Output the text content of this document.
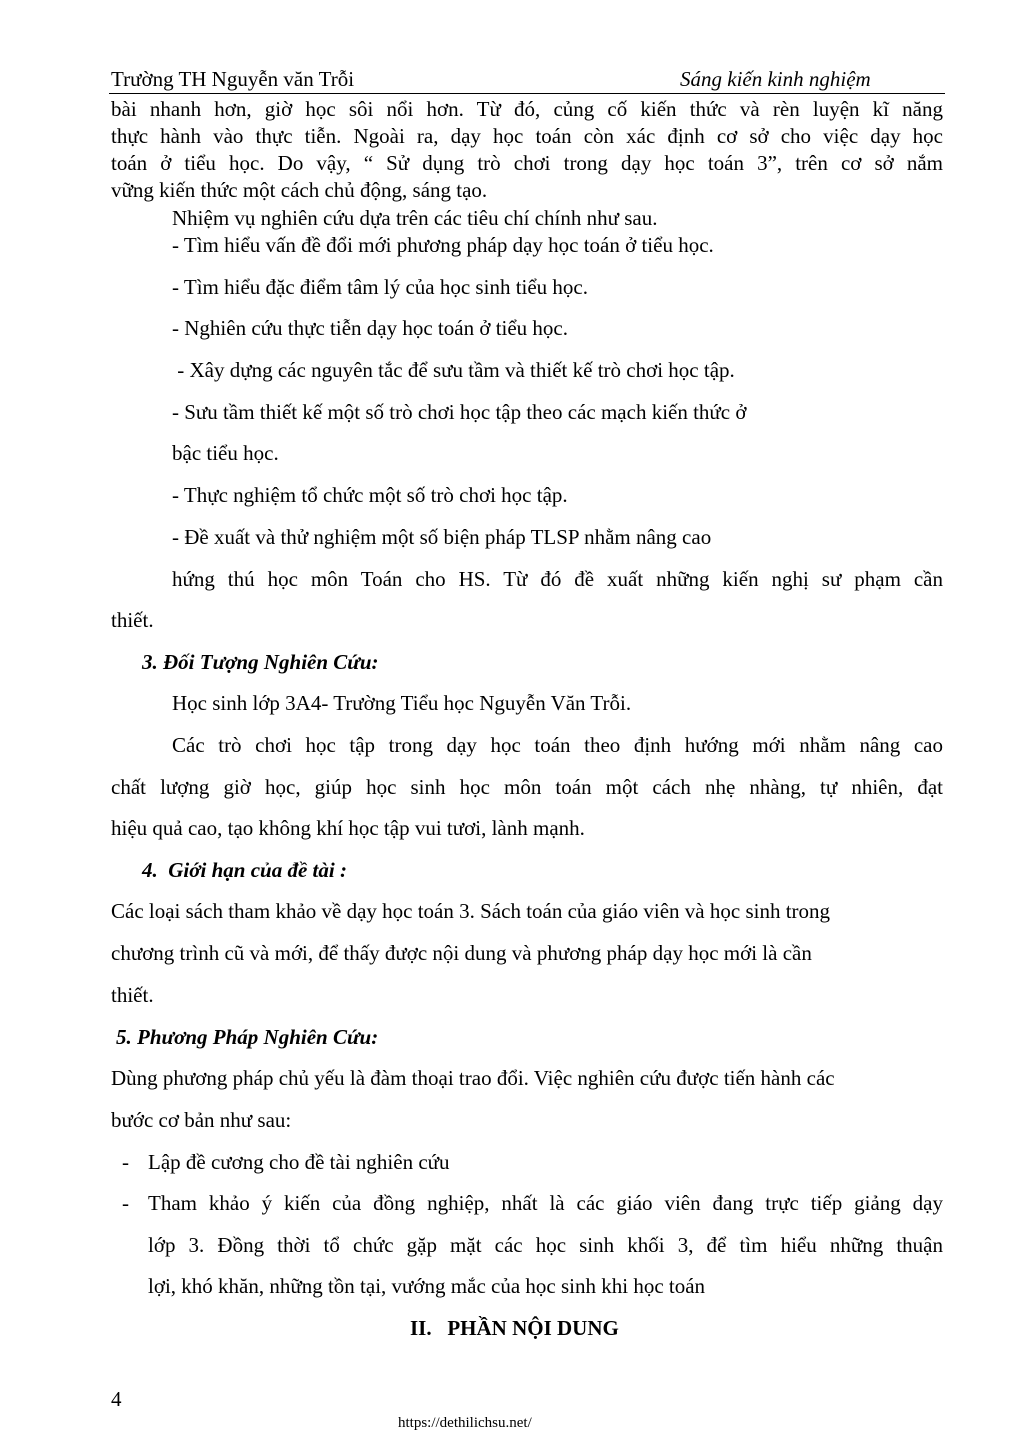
Trường TH Nguyễn văn Trỗi	Sáng kiến kinh nghiệm
bài nhanh hơn, giờ học sôi nổi hơn. Từ đó, củng cố kiến thức và rèn luyện kĩ năng
thực hành vào thực tiễn. Ngoài ra, dạy học toán còn xác định cơ sở cho việc dạy học
toán ở tiểu học. Do vậy, “ Sử dụng trò chơi trong dạy học toán 3”, trên cơ sở nắm
vững kiến thức một cách chủ động, sáng tạo.
Nhiệm vụ nghiên cứu dựa trên các tiêu chí chính như sau.
- Tìm hiểu vấn đề đổi mới phương pháp dạy học toán ở tiểu học.
- Tìm hiểu đặc điểm tâm lý của học sinh tiểu học.
- Nghiên cứu thực tiễn dạy học toán ở tiểu học.
- Xây dựng các nguyên tắc để sưu tầm và thiết kế trò chơi học tập.
- Sưu tầm thiết kế một số trò chơi học tập theo các mạch kiến thức ở
bậc tiểu học.
- Thực nghiệm tổ chức một số trò chơi học tập.
- Đề xuất và thử nghiệm một số biện pháp TLSP nhằm nâng cao
hứng thú học môn Toán cho HS. Từ đó đề xuất những kiến nghị sư phạm cần
thiết.
3. Đối Tượng Nghiên Cứu:
Học sinh lớp 3A4- Trường Tiểu học Nguyễn Văn Trỗi.
Các trò chơi học tập trong dạy học toán theo định hướng mới nhằm nâng cao
chất lượng giờ học, giúp học sinh học môn toán một cách nhẹ nhàng, tự nhiên, đạt
hiệu quả cao, tạo không khí học tập vui tươi, lành mạnh.
4.  Giới hạn của đề tài :
Các loại sách tham khảo về dạy học toán 3. Sách toán của giáo viên và học sinh trong
chương trình cũ và mới, để thấy được nội dung và phương pháp dạy học mới là cần
thiết.
5. Phương Pháp Nghiên Cứu:
Dùng phương pháp chủ yếu là đàm thoại trao đổi. Việc nghiên cứu được tiến hành các
bước cơ bản như sau:
- Lập đề cương cho đề tài nghiên cứu
- Tham khảo ý kiến của đồng nghiệp, nhất là các giáo viên đang trực tiếp giảng dạy
lớp 3. Đồng thời tổ chức gặp mặt các học sinh khối 3, để tìm hiểu những thuận
lợi, khó khăn, những tồn tại, vướng mắc của học sinh khi học toán
II.   PHẦN NỘI DUNG
4
https://dethilichsu.net/
